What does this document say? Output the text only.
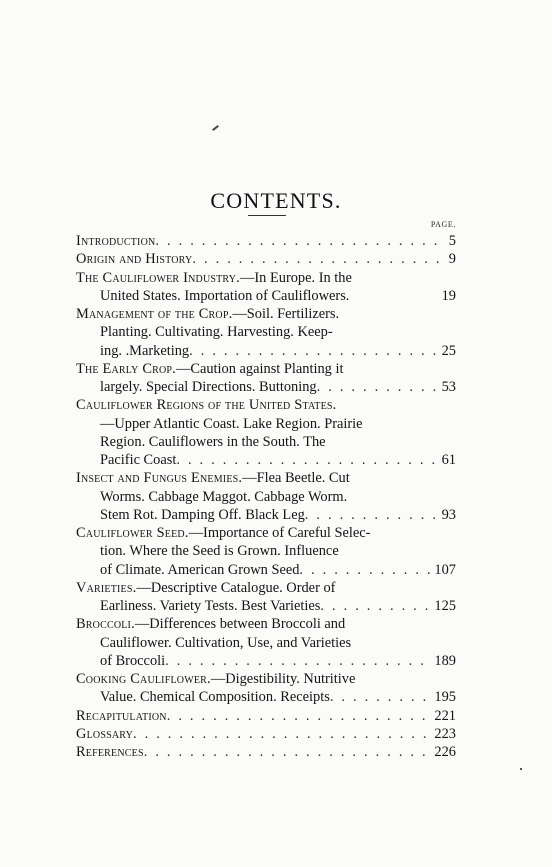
CONTENTS.
PAGE.
Introduction . . .	5
Origin and History . . .	9
The Cauliflower Industry.—In Europe. In the
United States. Importation of Cauliflowers.	19
Management of the Crop.—Soil. Fertilizers.
Planting. Cultivating. Harvesting. Keep-
ing. .Marketing . . .	25
The Early Crop.—Caution against Planting it
largely. Special Directions. Buttoning . . .	53
Cauliflower Regions of the United States.
—Upper Atlantic Coast. Lake Region. Prairie
Region. Cauliflowers in the South. The
Pacific Coast . . .	61
Insect and Fungus Enemies.—Flea Beetle. Cut
Worms. Cabbage Maggot. Cabbage Worm.
Stem Rot. Damping Off. Black Leg . . .	93
Cauliflower Seed.—Importance of Careful Selec-
tion. Where the Seed is Grown. Influence
of Climate. American Grown Seed . . .	107
Varieties.—Descriptive Catalogue. Order of
Earliness. Variety Tests. Best Varieties . . .	125
Broccoli.—Differences between Broccoli and
Cauliflower. Cultivation, Use, and Varieties
of Broccoli . . .	189
Cooking Cauliflower.—Digestibility. Nutritive
Value. Chemical Composition. Receipts . . .	195
Recapitulation . . .	221
Glossary . . .	223
References . . .	226
